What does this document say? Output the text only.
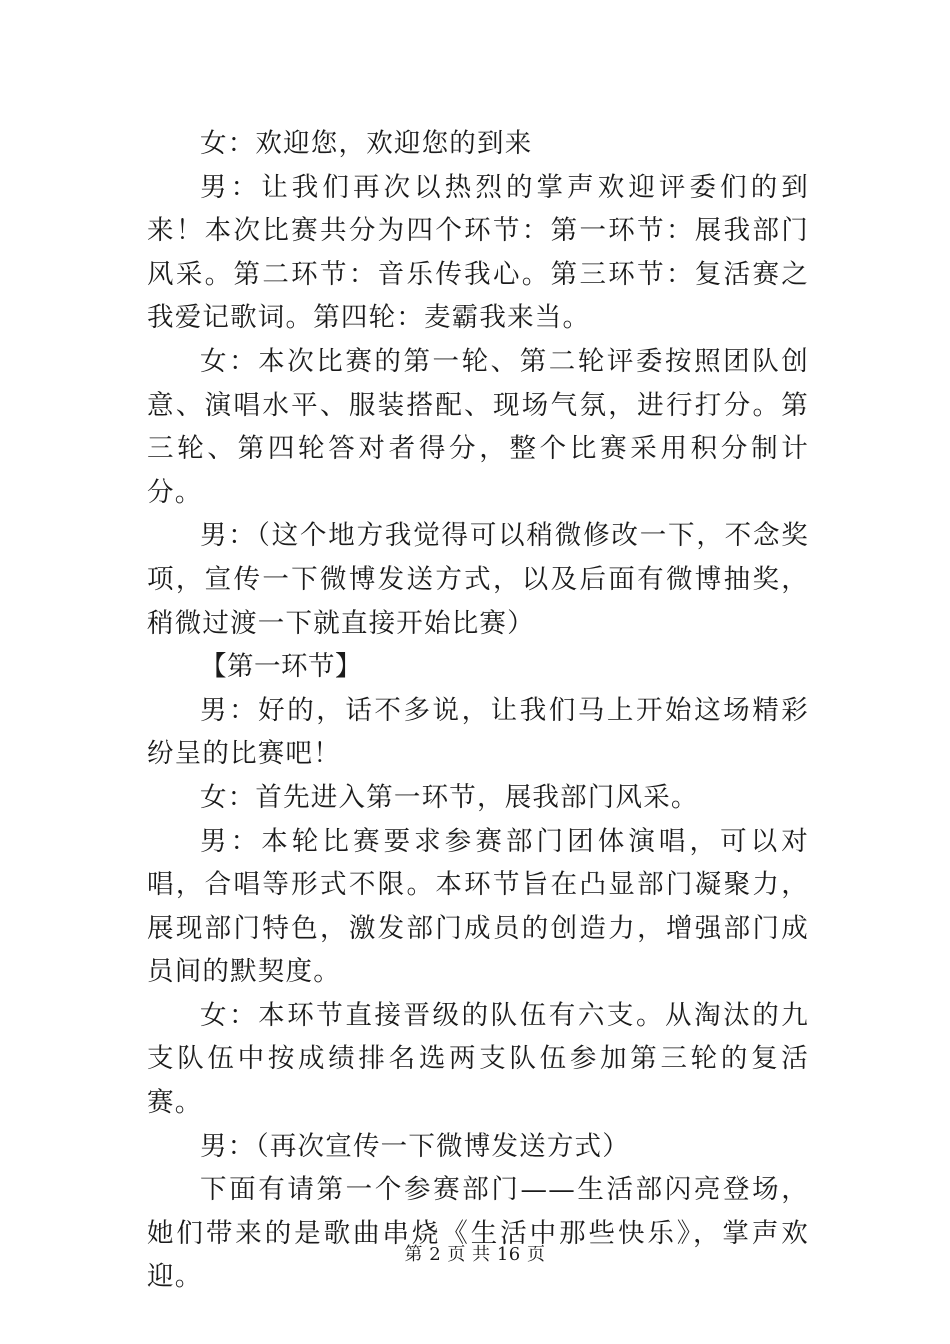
女：欢迎您，欢迎您的到来

男：让我们再次以热烈的掌声欢迎评委们的到来！本次比赛共分为四个环节：第一环节：展我部门风采。第二环节：音乐传我心。第三环节：复活赛之我爱记歌词。第四轮：麦霸我来当。

女：本次比赛的第一轮、第二轮评委按照团队创意、演唱水平、服装搭配、现场气氛，进行打分。第三轮、第四轮答对者得分，整个比赛采用积分制计分。

男：（这个地方我觉得可以稍微修改一下，不念奖项，宣传一下微博发送方式，以及后面有微博抽奖，稍微过渡一下就直接开始比赛）

【第一环节】

男：好的，话不多说，让我们马上开始这场精彩纷呈的比赛吧！

女：首先进入第一环节，展我部门风采。

男：本轮比赛要求参赛部门团体演唱，可以对唱，合唱等形式不限。本环节旨在凸显部门凝聚力，展现部门特色，激发部门成员的创造力，增强部门成员间的默契度。

女：本环节直接晋级的队伍有六支。从淘汰的九支队伍中按成绩排名选两支队伍参加第三轮的复活赛。

男：（再次宣传一下微博发送方式）

下面有请第一个参赛部门——生活部闪亮登场，她们带来的是歌曲串烧《生活中那些快乐》，掌声欢迎。

第 2 页 共 16 页
